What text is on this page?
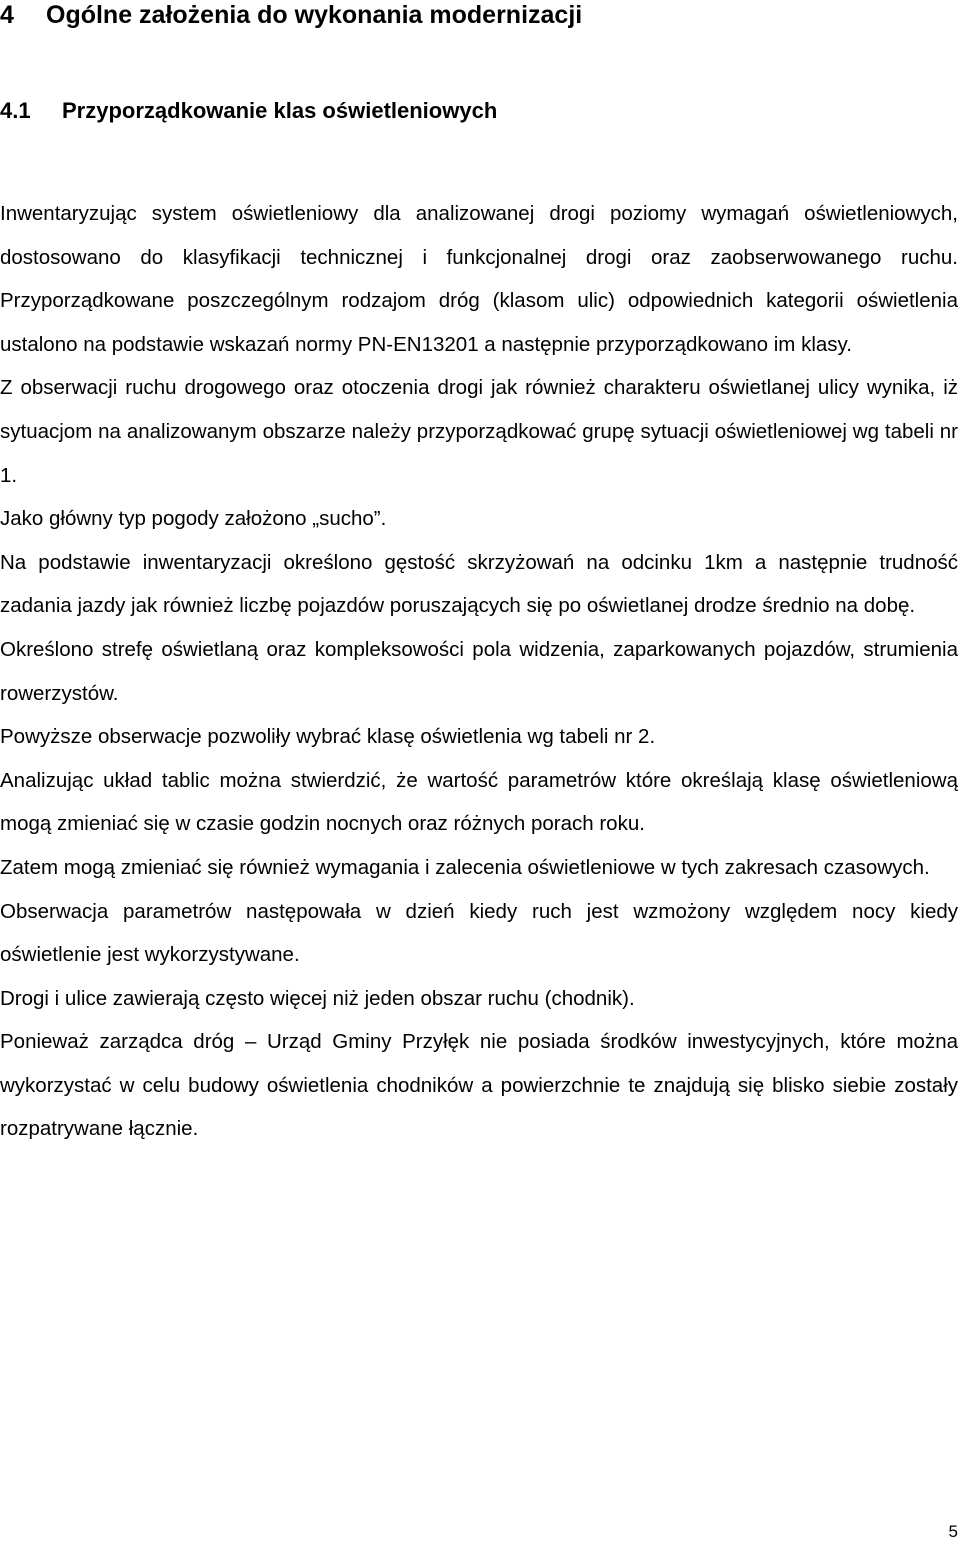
4 Ogólne założenia do wykonania modernizacji
4.1 Przyporządkowanie klas oświetleniowych

Inwentaryzując system oświetleniowy dla analizowanej drogi poziomy wymagań oświetleniowych, dostosowano do klasyfikacji technicznej i funkcjonalnej drogi oraz zaobserwowanego ruchu. Przyporządkowane poszczególnym rodzajom dróg (klasom ulic) odpowiednich kategorii oświetlenia ustalono na podstawie wskazań normy PN-EN13201 a następnie przyporządkowano im klasy.

Z obserwacji ruchu drogowego oraz otoczenia drogi jak również charakteru oświetlanej ulicy wynika, iż sytuacjom na analizowanym obszarze należy przyporządkować grupę sytuacji oświetleniowej wg tabeli nr 1.

Jako główny typ pogody założono „sucho”.

Na podstawie inwentaryzacji określono gęstość skrzyżowań na odcinku 1km a następnie trudność zadania jazdy jak również liczbę pojazdów poruszających się po oświetlanej drodze średnio na dobę.

Określono strefę oświetlaną oraz kompleksowości pola widzenia, zaparkowanych pojazdów, strumienia rowerzystów.

Powyższe obserwacje pozwoliły wybrać klasę oświetlenia wg tabeli nr 2.

Analizując układ tablic można stwierdzić, że wartość parametrów które określają klasę oświetleniową mogą zmieniać się w czasie godzin nocnych oraz różnych porach roku.

Zatem mogą zmieniać się również wymagania i zalecenia oświetleniowe w tych zakresach czasowych.

Obserwacja parametrów następowała w dzień kiedy ruch jest wzmożony względem nocy kiedy oświetlenie jest wykorzystywane.

Drogi i ulice zawierają często więcej niż jeden obszar ruchu (chodnik).

Ponieważ zarządca dróg – Urząd Gminy Przyłęk nie posiada środków inwestycyjnych, które można wykorzystać w celu budowy oświetlenia chodników a powierzchnie te znajdują się blisko siebie zostały rozpatrywane łącznie.

5
